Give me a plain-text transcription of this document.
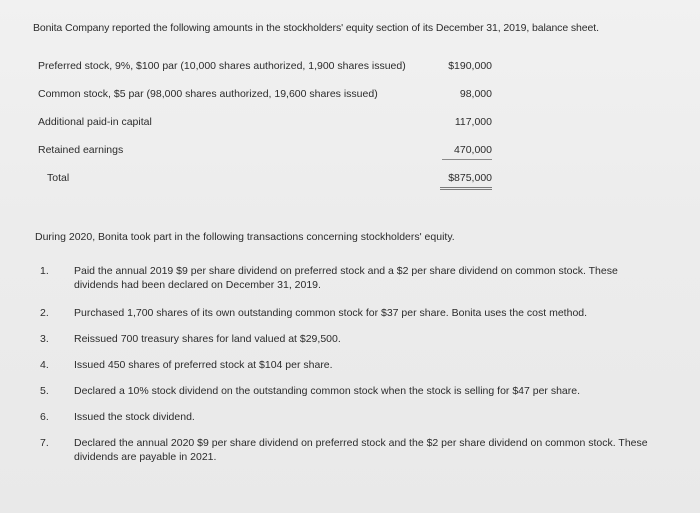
Bonita Company reported the following amounts in the stockholders' equity section of its December 31, 2019, balance sheet.
Preferred stock, 9%, $100 par (10,000 shares authorized, 1,900 shares issued)	$190,000
Common stock, $5 par (98,000 shares authorized, 19,600 shares issued)	98,000
Additional paid-in capital	117,000
Retained earnings	470,000
Total	$875,000
During 2020, Bonita took part in the following transactions concerning stockholders' equity.
1. Paid the annual 2019 $9 per share dividend on preferred stock and a $2 per share dividend on common stock. These dividends had been declared on December 31, 2019.
2. Purchased 1,700 shares of its own outstanding common stock for $37 per share. Bonita uses the cost method.
3. Reissued 700 treasury shares for land valued at $29,500.
4. Issued 450 shares of preferred stock at $104 per share.
5. Declared a 10% stock dividend on the outstanding common stock when the stock is selling for $47 per share.
6. Issued the stock dividend.
7. Declared the annual 2020 $9 per share dividend on preferred stock and the $2 per share dividend on common stock. These dividends are payable in 2021.
